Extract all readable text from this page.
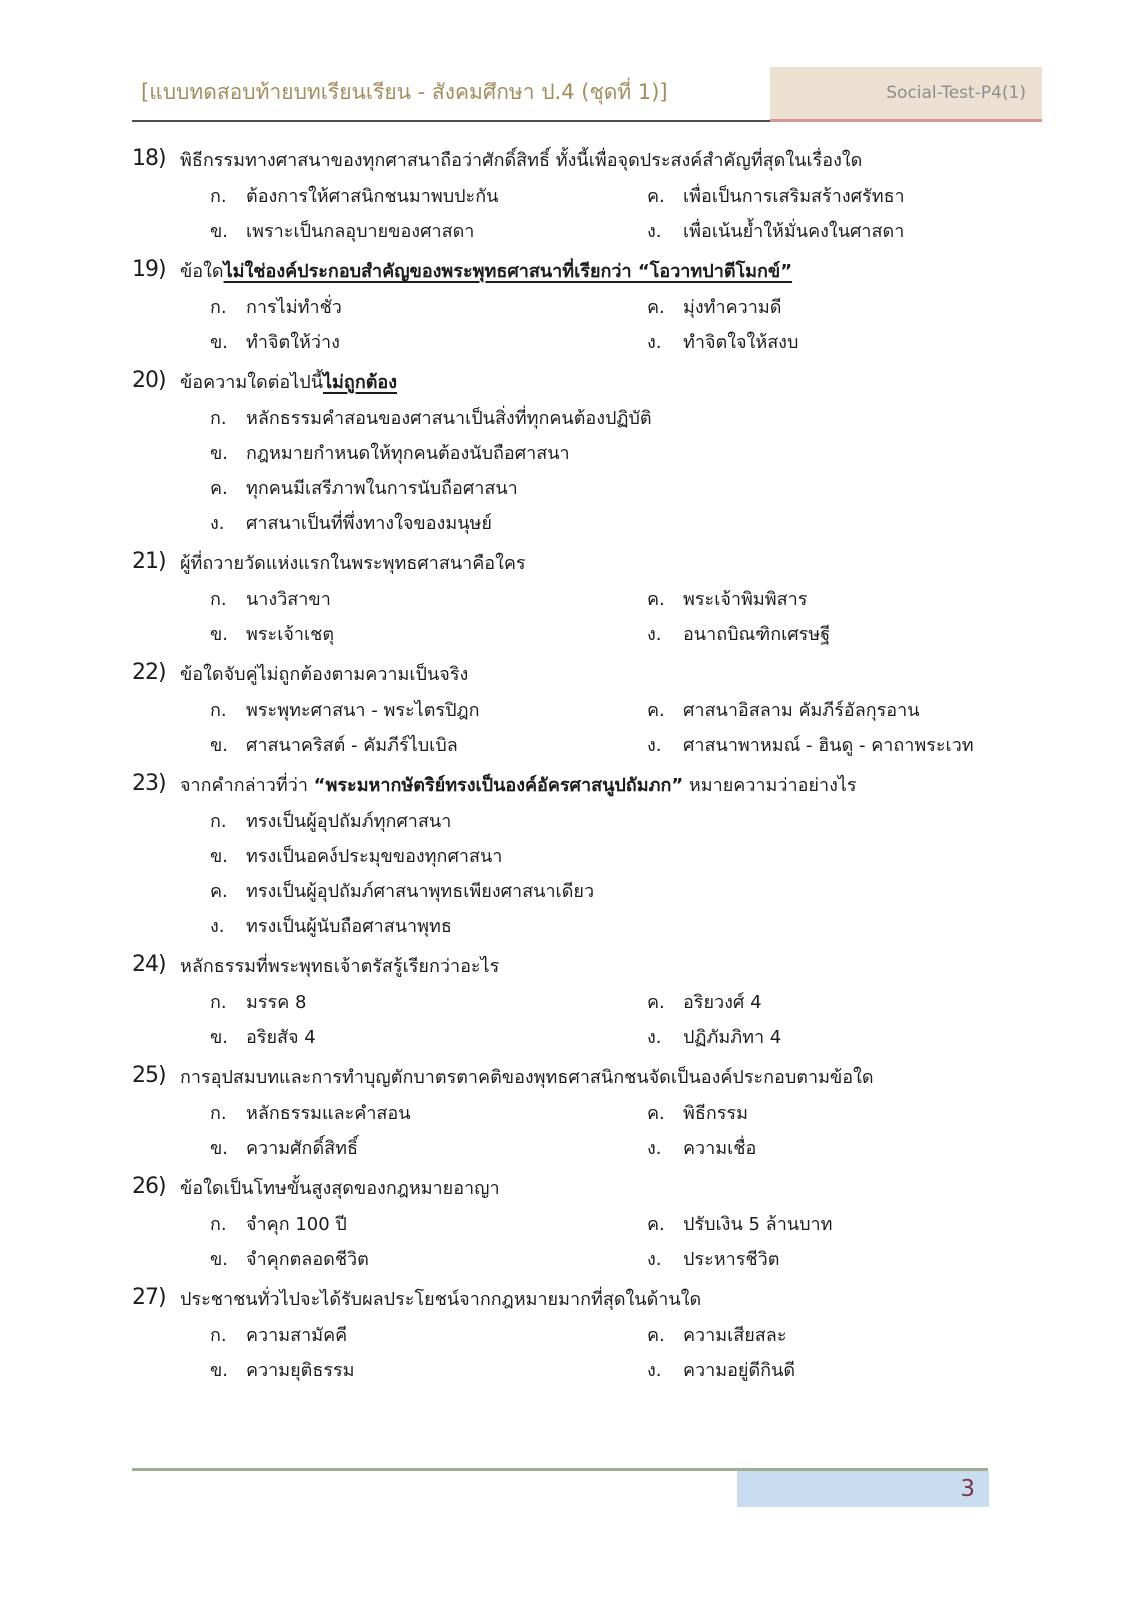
[แบบทดสอบท้ายบทเรียนเรียน - สังคมศึกษา ป.4 (ชุดที่ 1)]	Social-Test-P4(1)
18) พิธีกรรมทางศาสนาของทุกศาสนาถือว่าศักดิ์สิทธิ์ ทั้งนี้เพื่อจุดประสงค์สำคัญที่สุดในเรื่องใด
ก.	ต้องการให้ศาสนิกชนมาพบปะกัน	ค.	เพื่อเป็นการเสริมสร้างศรัทธา
ข. เพราะเป็นกลอุบายของศาสดา	ง.	เพื่อเน้นย้ำให้มั่นคงในศาสดา
19) ข้อใดไม่ใช่องค์ประกอบสำคัญของพระพุทธศาสนาที่เรียกว่า “โอวาทปาตีโมกข์”
ก.	การไม่ทำชั่ว	ค.	มุ่งทำความดี
ข. ทำจิตให้ว่าง	ง.	ทำจิตใจให้สงบ
20) ข้อความใดต่อไปนี้ไม่ถูกต้อง
ก.	หลักธรรมคำสอนของศาสนาเป็นสิ่งที่ทุกคนต้องปฏิบัติ
ข. กฎหมายกำหนดให้ทุกคนต้องนับถือศาสนา
ค.	ทุกคนมีเสรีภาพในการนับถือศาสนา
ง.	ศาสนาเป็นที่พึ่งทางใจของมนุษย์
21) ผู้ที่ถวายวัดแห่งแรกในพระพุทธศาสนาคือใคร
ก.	นางวิสาขา	ค.	พระเจ้าพิมพิสาร
ข. พระเจ้าเชตุ	ง.	อนาถบิณฑิกเศรษฐี
22) ข้อใดจับคู่ไม่ถูกต้องตามความเป็นจริง
ก.	พระพุทะศาสนา - พระไตรปิฎก	ค.	ศาสนาอิสลาม คัมภีร์อัลกุรอาน
ข. ศาสนาคริสต์ - คัมภีร์ไบเบิล	ง.	ศาสนาพาหมณ์ - ฮินดู - คาถาพระเวท
23) จากคำกล่าวที่ว่า “พระมหากษัตริย์ทรงเป็นองค์อัครศาสนูปถัมภก” หมายความว่าอย่างไร
ก.	ทรงเป็นผู้อุปถัมภ์ทุกศาสนา
ข. ทรงเป็นอคง์ประมุขของทุกศาสนา
ค.	ทรงเป็นผู้อุปถัมภ์ศาสนาพุทธเพียงศาสนาเดียว
ง.	ทรงเป็นผู้นับถือศาสนาพุทธ
24) หลักธรรมที่พระพุทธเจ้าตรัสรู้เรียกว่าอะไร
ก.	มรรค 8	ค.	อริยวงศ์ 4
ข. อริยสัจ 4	ง.	ปฏิภัมภิทา 4
25) การอุปสมบทและการทำบุญตักบาตรตาคติของพุทธศาสนิกชนจัดเป็นองค์ประกอบตามข้อใด
ก.	หลักธรรมและคำสอน	ค.	พิธีกรรม
ข. ความศักดิ์สิทธิ์	ง.	ความเชื่อ
26) ข้อใดเป็นโทษขั้นสูงสุดของกฎหมายอาญา
ก.	จำคุก 100 ปี	ค.	ปรับเงิน 5 ล้านบาท
ข. จำคุกตลอดชีวิต	ง.	ประหารชีวิต
27) ประชาชนทั่วไปจะได้รับผลประโยชน์จากกฎหมายมากที่สุดในด้านใด
ก.	ความสามัคคี	ค.	ความเสียสละ
ข. ความยุติธรรม	ง.	ความอยู่ดีกินดี
3
